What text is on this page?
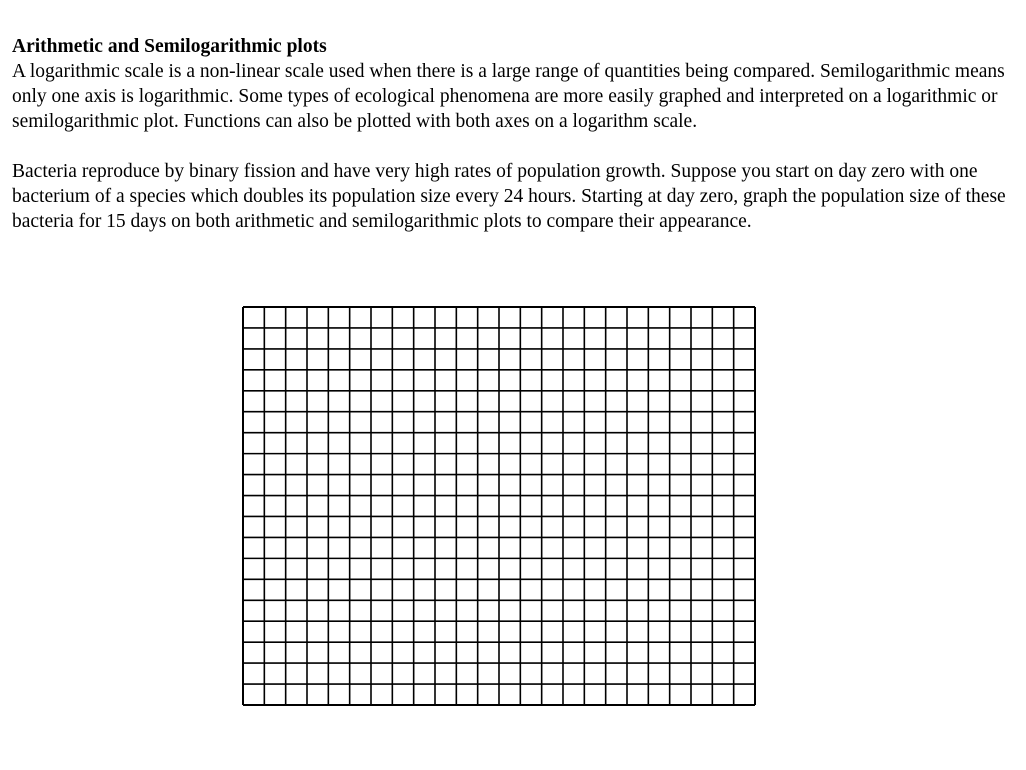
Arithmetic and Semilogarithmic plots

A logarithmic scale is a non-linear scale used when there is a large range of quantities being compared. Semilogarithmic means only one axis is logarithmic. Some types of ecological phenomena are more easily graphed and interpreted on a logarithmic or semilogarithmic plot. Functions can also be plotted with both axes on a logarithm scale.

Bacteria reproduce by binary fission and have very high rates of population growth. Suppose you start on day zero with one bacterium of a species which doubles its population size every 24 hours. Starting at day zero, graph the population size of these bacteria for 15 days on both arithmetic and semilogarithmic plots to compare their appearance.
